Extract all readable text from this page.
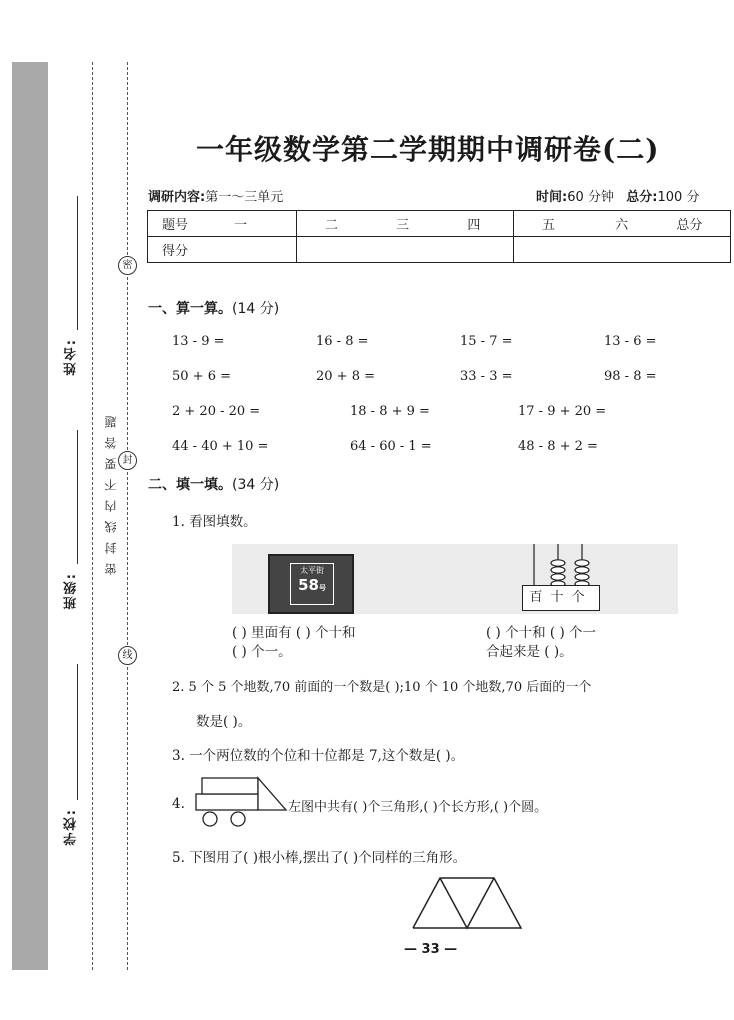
姓名:
班级:
学校:
密封线内不要答题
密
封
线
一年级数学第二学期期中调研卷(二)
调研内容:第一～三单元	时间:60 分钟 总分:100 分
题号 一	二 三 四	五 六 总分
得分		
一、算一算。(14 分)
13 - 9 =	16 - 8 =	15 - 7 =	13 - 6 =
50 + 6 =	20 + 8 =	33 - 3 =	98 - 8 =
2 + 20 - 20 =	18 - 8 + 9 =	17 - 9 + 20 =
44 - 40 + 10 =	64 - 60 - 1 =	48 - 8 + 2 =
二、填一填。(34 分)
1. 看图填数。
太平街
58号
百十个
( ) 里面有 ( ) 个十和
( ) 个一。
( ) 个十和 ( ) 个一
合起来是 ( )。
2. 5 个 5 个地数,70 前面的一个数是( );10 个 10 个地数,70 后面的一个
数是( )。
3. 一个两位数的个位和十位都是 7,这个数是( )。
4.	左图中共有( )个三角形,( )个长方形,( )个圆。
5. 下图用了( )根小棒,摆出了( )个同样的三角形。
— 33 —
